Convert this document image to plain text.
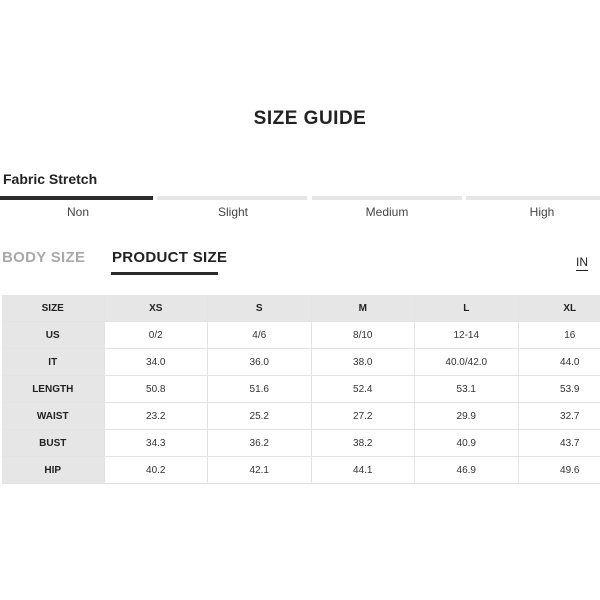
SIZE GUIDE
Fabric Stretch
Non	Slight	Medium	High
BODY SIZE PRODUCT SIZE	IN
SIZE	XS	S	M	L	XL
US	0/2	4/6	8/10	12-14	16
IT	34.0	36.0	38.0	40.0/42.0	44.0
LENGTH	50.8	51.6	52.4	53.1	53.9
WAIST	23.2	25.2	27.2	29.9	32.7
BUST	34.3	36.2	38.2	40.9	43.7
HIP	40.2	42.1	44.1	46.9	49.6
